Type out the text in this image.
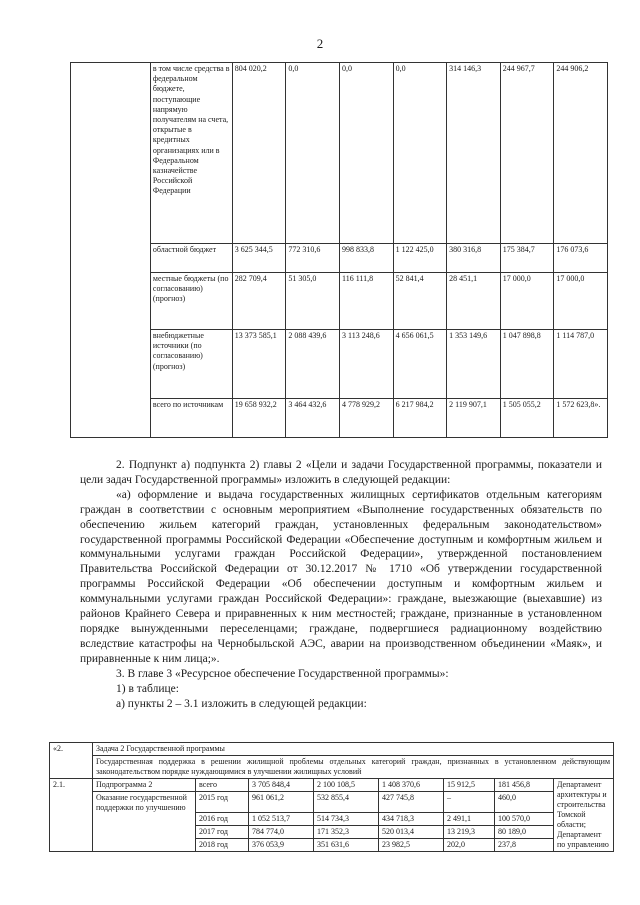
2
	в том числе средства в федеральном бюджете, поступающие напрямую получателям на счета, открытые в кредитных организациях или в Федеральном казначействе Российской Федерации	804 020,2	0,0	0,0	0,0	314 146,3	244 967,7	244 906,2
	областной бюджет	3 625 344,5	772 310,6	998 833,8	1 122 425,0	380 316,8	175 384,7	176 073,6
	местные бюджеты (по согласованию) (прогноз)	282 709,4	51 305,0	116 111,8	52 841,4	28 451,1	17 000,0	17 000,0
	внебюджетные источники (по согласованию) (прогноз)	13 373 585,1	2 088 439,6	3 113 248,6	4 656 061,5	1 353 149,6	1 047 898,8	1 114 787,0
	всего по источникам	19 658 932,2	3 464 432,6	4 778 929,2	6 217 984,2	2 119 907,1	1 505 055,2	1 572 623,8».

2. Подпункт а) подпункта 2) главы 2 «Цели и задачи Государственной программы, показатели и цели задач Государственной программы» изложить в следующей редакции:

«а) оформление и выдача государственных жилищных сертификатов отдельным категориям граждан в соответствии с основным мероприятием «Выполнение государственных обязательств по обеспечению жильем категорий граждан, установленных федеральным законодательством» государственной программы Российской Федерации «Обеспечение доступным и комфортным жильем и коммунальными услугами граждан Российской Федерации», утвержденной постановлением Правительства Российской Федерации от 30.12.2017 № 1710 «Об утверждении государственной программы Российской Федерации «Об обеспечении доступным и комфортным жильем и коммунальными услугами граждан Российской Федерации»: гражданe, выезжающие (выехавшие) из районов Крайнего Севера и приравненных к ним местностей; граждане, признанные в установленном порядке вынужденными переселенцами; граждане, подвергшиеся радиационному воздействию вследствие катастрофы на Чернобыльской АЭС, аварии на производственном объединении «Маяк», и приравненные к ним лица;».

3. В главе 3 «Ресурсное обеспечение Государственной программы»:

1) в таблице:

а) пункты 2 – 3.1 изложить в следующей редакции:

«2.	Задача 2 Государственной программы							
	Государственная поддержка в решении жилищной проблемы отдельных категорий граждан, признанных в установленном действующим законодательством порядке нуждающимися в улучшении жилищных условий							
2.1.	Подпрограмма 2	всего	3 705 848,4	2 100 108,5	1 408 370,6	15 912,5	181 456,8	Департамент архитектуры и строительства Томской области; Департамент по управлению
	Оказание государственной поддержки по улучшению	2015 год	961 061,2	532 855,4	427 745,8	–	460,0	
		2016 год	1 052 513,7	514 734,3	434 718,3	2 491,1	100 570,0	
		2017 год	784 774,0	171 352,3	520 013,4	13 219,3	80 189,0	
		2018 год	376 053,9	351 631,6	23 982,5	202,0	237,8	
